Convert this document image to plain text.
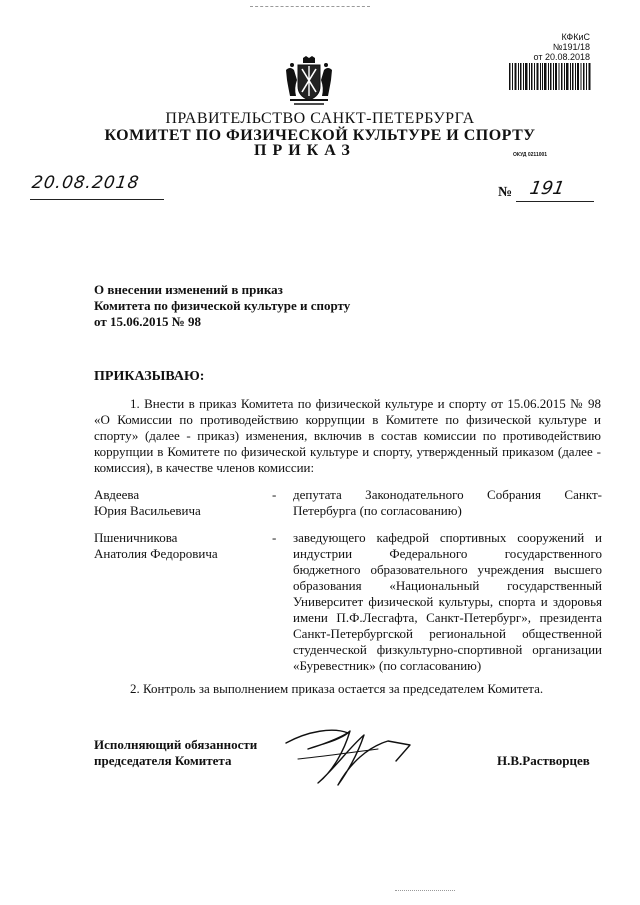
КФКиС
№191/18
от 20.08.2018
ПРАВИТЕЛЬСТВО САНКТ-ПЕТЕРБУРГА
КОМИТЕТ ПО ФИЗИЧЕСКОЙ КУЛЬТУРЕ И СПОРТУ
ПРИКАЗ	ОКУД 0211001
20.08.2018	№ 191
О внесении изменений в приказ
Комитета по физической культуре и спорту
от 15.06.2015 № 98
ПРИКАЗЫВАЮ:
1. Внести в приказ Комитета по физической культуре и спорту от 15.06.2015 № 98 «О Комиссии по противодействию коррупции в Комитете по физической культуре и спорту» (далее - приказ) изменения, включив в состав комиссии по противодействию коррупции в Комитете по физической культуре и спорту, утвержденный приказом (далее - комиссия), в качестве членов комиссии:
Авдеева
Юрия Васильевича
- депутата Законодательного Собрания Санкт-Петербурга (по согласованию)
Пшеничникова
Анатолия Федоровича
- заведующего кафедрой спортивных сооружений и индустрии Федерального государственного бюджетного образовательного учреждения высшего образования «Национальный государственный Университет физической культуры, спорта и здоровья имени П.Ф.Лесгафта, Санкт-Петербург», президента Санкт-Петербургской региональной общественной студенческой физкультурно-спортивной организации «Буревестник» (по согласованию)
2. Контроль за выполнением приказа остается за председателем Комитета.
Исполняющий обязанности
председателя Комитета	Н.В.Растворцев
